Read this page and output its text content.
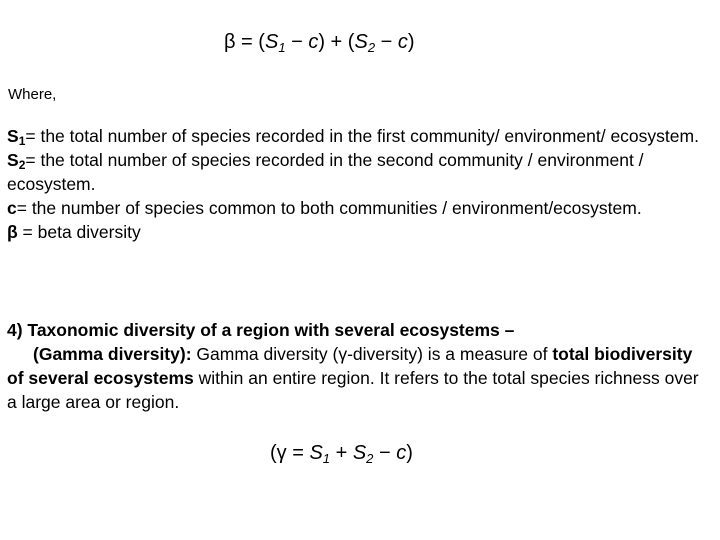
$\beta = (S_1 - c) + (S_2 - c)$
Where,

$S_1=$ the total number of species recorded in the first community/ environment/ ecosystem.

$S_2=$ the total number of species recorded in the second community / environment / ecosystem.

c= the number of species common to both communities / environment/ecosystem.

β = beta diversity

4) Taxonomic diversity of a region with several ecosystems –

(Gamma diversity): Gamma diversity (γ-diversity) is a measure of total biodiversity of several ecosystems within an entire region. It refers to the total species richness over a large area or region.

$(\gamma = S_1 + S_2 - c)$
